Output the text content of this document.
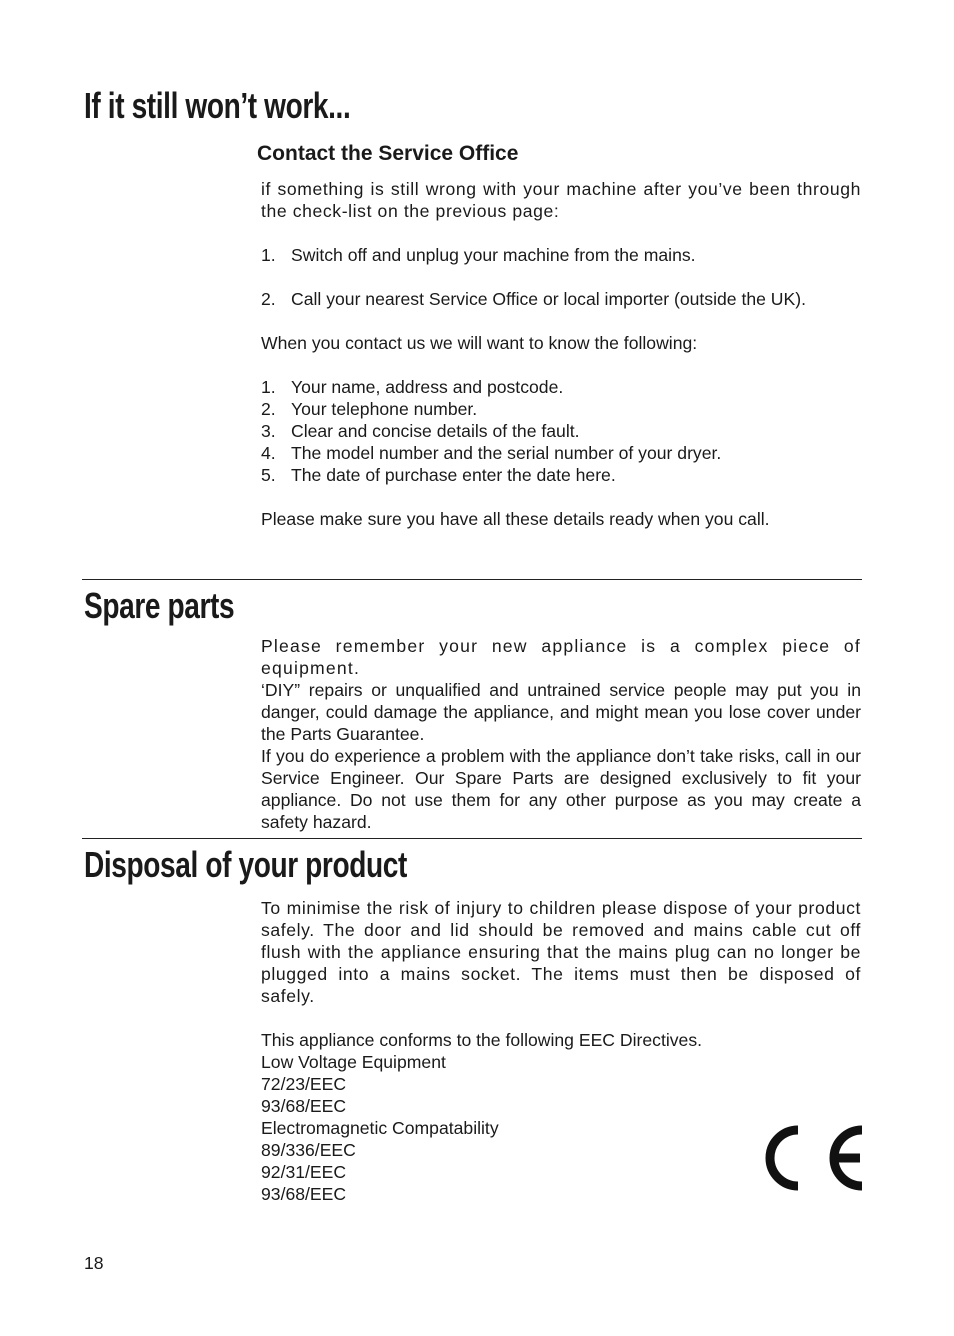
If it still won’t work...
Contact the Service Office

if something is still wrong with your machine after you’ve been through the check-list on the previous page:

1. Switch off and unplug your machine from the mains.
2. Call your nearest Service Office or local importer (outside the UK).

When you contact us we will want to know the following:

1. Your name, address and postcode.
2. Your telephone number.
3. Clear and concise details of the fault.
4. The model number and the serial number of your dryer.
5. The date of purchase enter the date here.

Please make sure you have all these details ready when you call.

Spare parts

Please remember your new appliance is a complex piece of equipment.

‘DIY” repairs or unqualified and untrained service people may put you in danger, could damage the appliance, and might mean you lose cover under the Parts Guarantee.

If you do experience a problem with the appliance don’t take risks, call in our Service Engineer. Our Spare Parts are designed exclusively to fit your appliance. Do not use them for any other purpose as you may create a safety hazard.

Disposal of your product

To minimise the risk of injury to children please dispose of your product safely. The door and lid should be removed and mains cable cut off flush with the appliance ensuring that the mains plug can no longer be plugged into a mains socket. The items must then be disposed of safely.

This appliance conforms to the following EEC Directives.

Low Voltage Equipment

72/23/EEC

93/68/EEC

Electromagnetic Compatability

89/336/EEC

92/31/EEC

93/68/EEC

18
